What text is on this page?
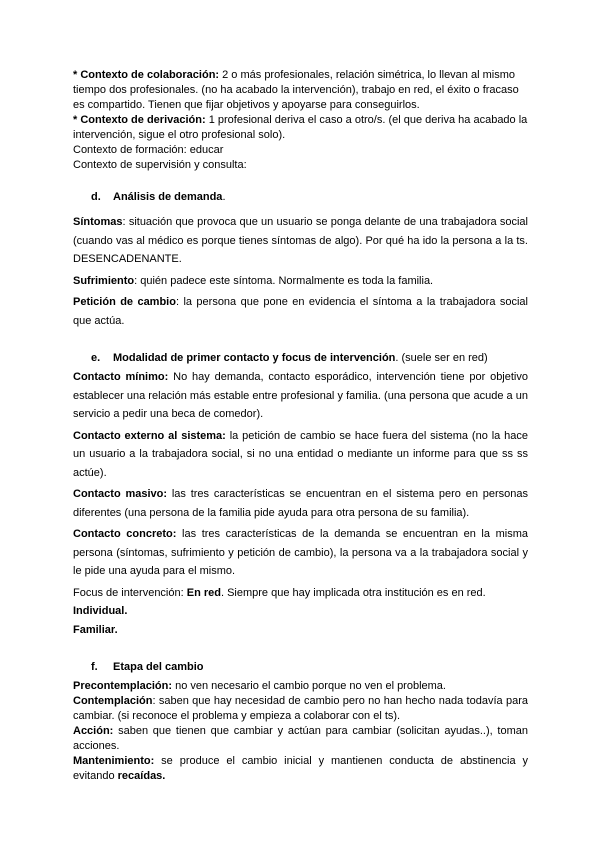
* Contexto de colaboración: 2 o más profesionales, relación simétrica, lo llevan al mismo tiempo dos profesionales. (no ha acabado la intervención), trabajo en red, el éxito o fracaso es compartido. Tienen que fijar objetivos y apoyarse para conseguirlos.

* Contexto de derivación: 1 profesional deriva el caso a otro/s. (el que deriva ha acabado la intervención, sigue el otro profesional solo).

Contexto de formación: educar

Contexto de supervisión y consulta:

d. Análisis de demanda.

Síntomas: situación que provoca que un usuario se ponga delante de una trabajadora social (cuando vas al médico es porque tienes síntomas de algo). Por qué ha ido la persona a la ts. DESENCADENANTE.

Sufrimiento: quién padece este síntoma. Normalmente es toda la familia.

Petición de cambio: la persona que pone en evidencia el síntoma a la trabajadora social que actúa.

e. Modalidad de primer contacto y focus de intervención. (suele ser en red)

Contacto mínimo: No hay demanda, contacto esporádico, intervención tiene por objetivo establecer una relación más estable entre profesional y familia. (una persona que acude a un servicio a pedir una beca de comedor).

Contacto externo al sistema: la petición de cambio se hace fuera del sistema (no la hace un usuario a la trabajadora social, si no una entidad o mediante un informe para que ss ss actúe).

Contacto masivo: las tres características se encuentran en el sistema pero en personas diferentes (una persona de la familia pide ayuda para otra persona de su familia).

Contacto concreto: las tres características de la demanda se encuentran en la misma persona (síntomas, sufrimiento y petición de cambio), la persona va a la trabajadora social y le pide una ayuda para el mismo.

Focus de intervención: En red. Siempre que hay implicada otra institución es en red.

Individual.

Familiar.

f. Etapa del cambio

Precontemplación: no ven necesario el cambio porque no ven el problema.

Contemplación: saben que hay necesidad de cambio pero no han hecho nada todavía para cambiar. (si reconoce el problema y empieza a colaborar con el ts).

Acción: saben que tienen que cambiar y actúan para cambiar (solicitan ayudas..), toman acciones.

Mantenimiento: se produce el cambio inicial y mantienen conducta de abstinencia y evitando recaídas.
